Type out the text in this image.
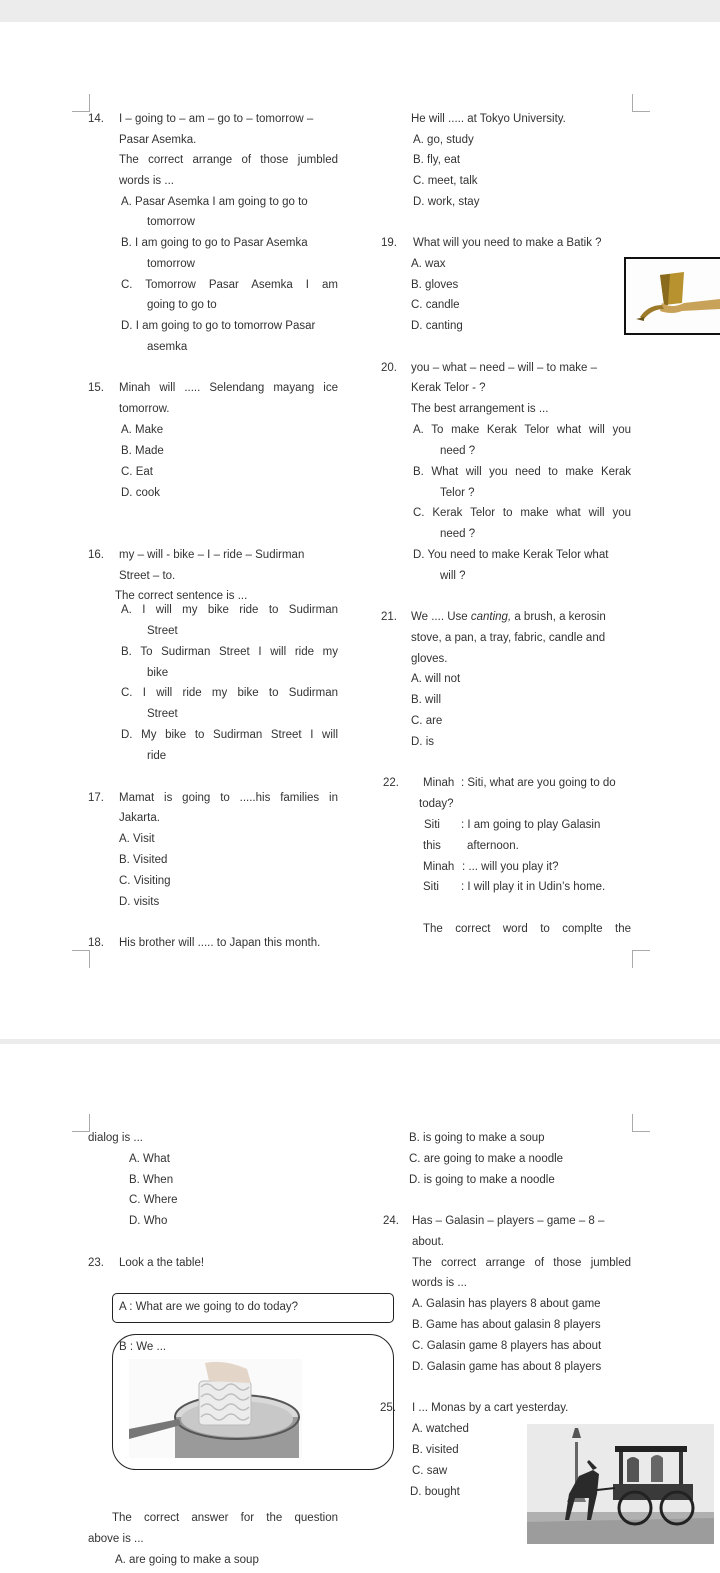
14. I – going to – am – go to – tomorrow –
Pasar Asemka.
The correct arrange of those jumbled
words is ...
A. Pasar Asemka I am going to go to
tomorrow
B. I am going to go to Pasar Asemka
tomorrow
C. Tomorrow Pasar Asemka I am
going to go to
D. I am going to go to tomorrow Pasar
asemka
15. Minah will ..... Selendang mayang ice
tomorrow.
A. Make
B. Made
C. Eat
D. cook
16. my – will - bike – I – ride – Sudirman
Street – to.
The correct sentence is ...
A. I will my bike ride to Sudirman
Street
B. To Sudirman Street I will ride my
bike
C. I will ride my bike to Sudirman
Street
D. My bike to Sudirman Street I will
ride
17. Mamat is going to .....his families in
Jakarta.
A. Visit
B. Visited
C. Visiting
D. visits
18. His brother will ..... to Japan this month.
He will ..... at Tokyo University.
A. go, study
B. fly, eat
C. meet, talk
D. work, stay
19. What will you need to make a Batik ?
A. wax
B. gloves
C. candle
D. canting
20. you – what – need – will – to make –
Kerak Telor - ?
The best arrangement is ...
A. To make Kerak Telor what will you
need ?
B. What will you need to make Kerak
Telor ?
C. Kerak Telor to make what will you
need ?
D. You need to make Kerak Telor what
will ?
21. We .... Use canting, a brush, a kerosin
stove, a pan, a tray, fabric, candle and
gloves.
A. will not
B. will
C. are
D. is
22. Minah : Siti, what are you going to do
today?
Siti : I am going to play Galasin
this afternoon.
Minah : ... will you play it?
Siti : I will play it in Udin’s home.
The correct word to complte the
dialog is ...
A. What
B. When
C. Where
D. Who
23. Look a the table!
A : What are we going to do today?
B : We ...
The correct answer for the question
above is ...
A. are going to make a soup
B. is going to make a soup
C. are going to make a noodle
D. is going to make a noodle
24. Has – Galasin – players – game – 8 –
about.
The correct arrange of those jumbled
words is ...
A. Galasin has players 8 about game
B. Game has about galasin 8 players
C. Galasin game 8 players has about
D. Galasin game has about 8 players
25. I ... Monas by a cart yesterday.
A. watched
B. visited
C. saw
D. bought
